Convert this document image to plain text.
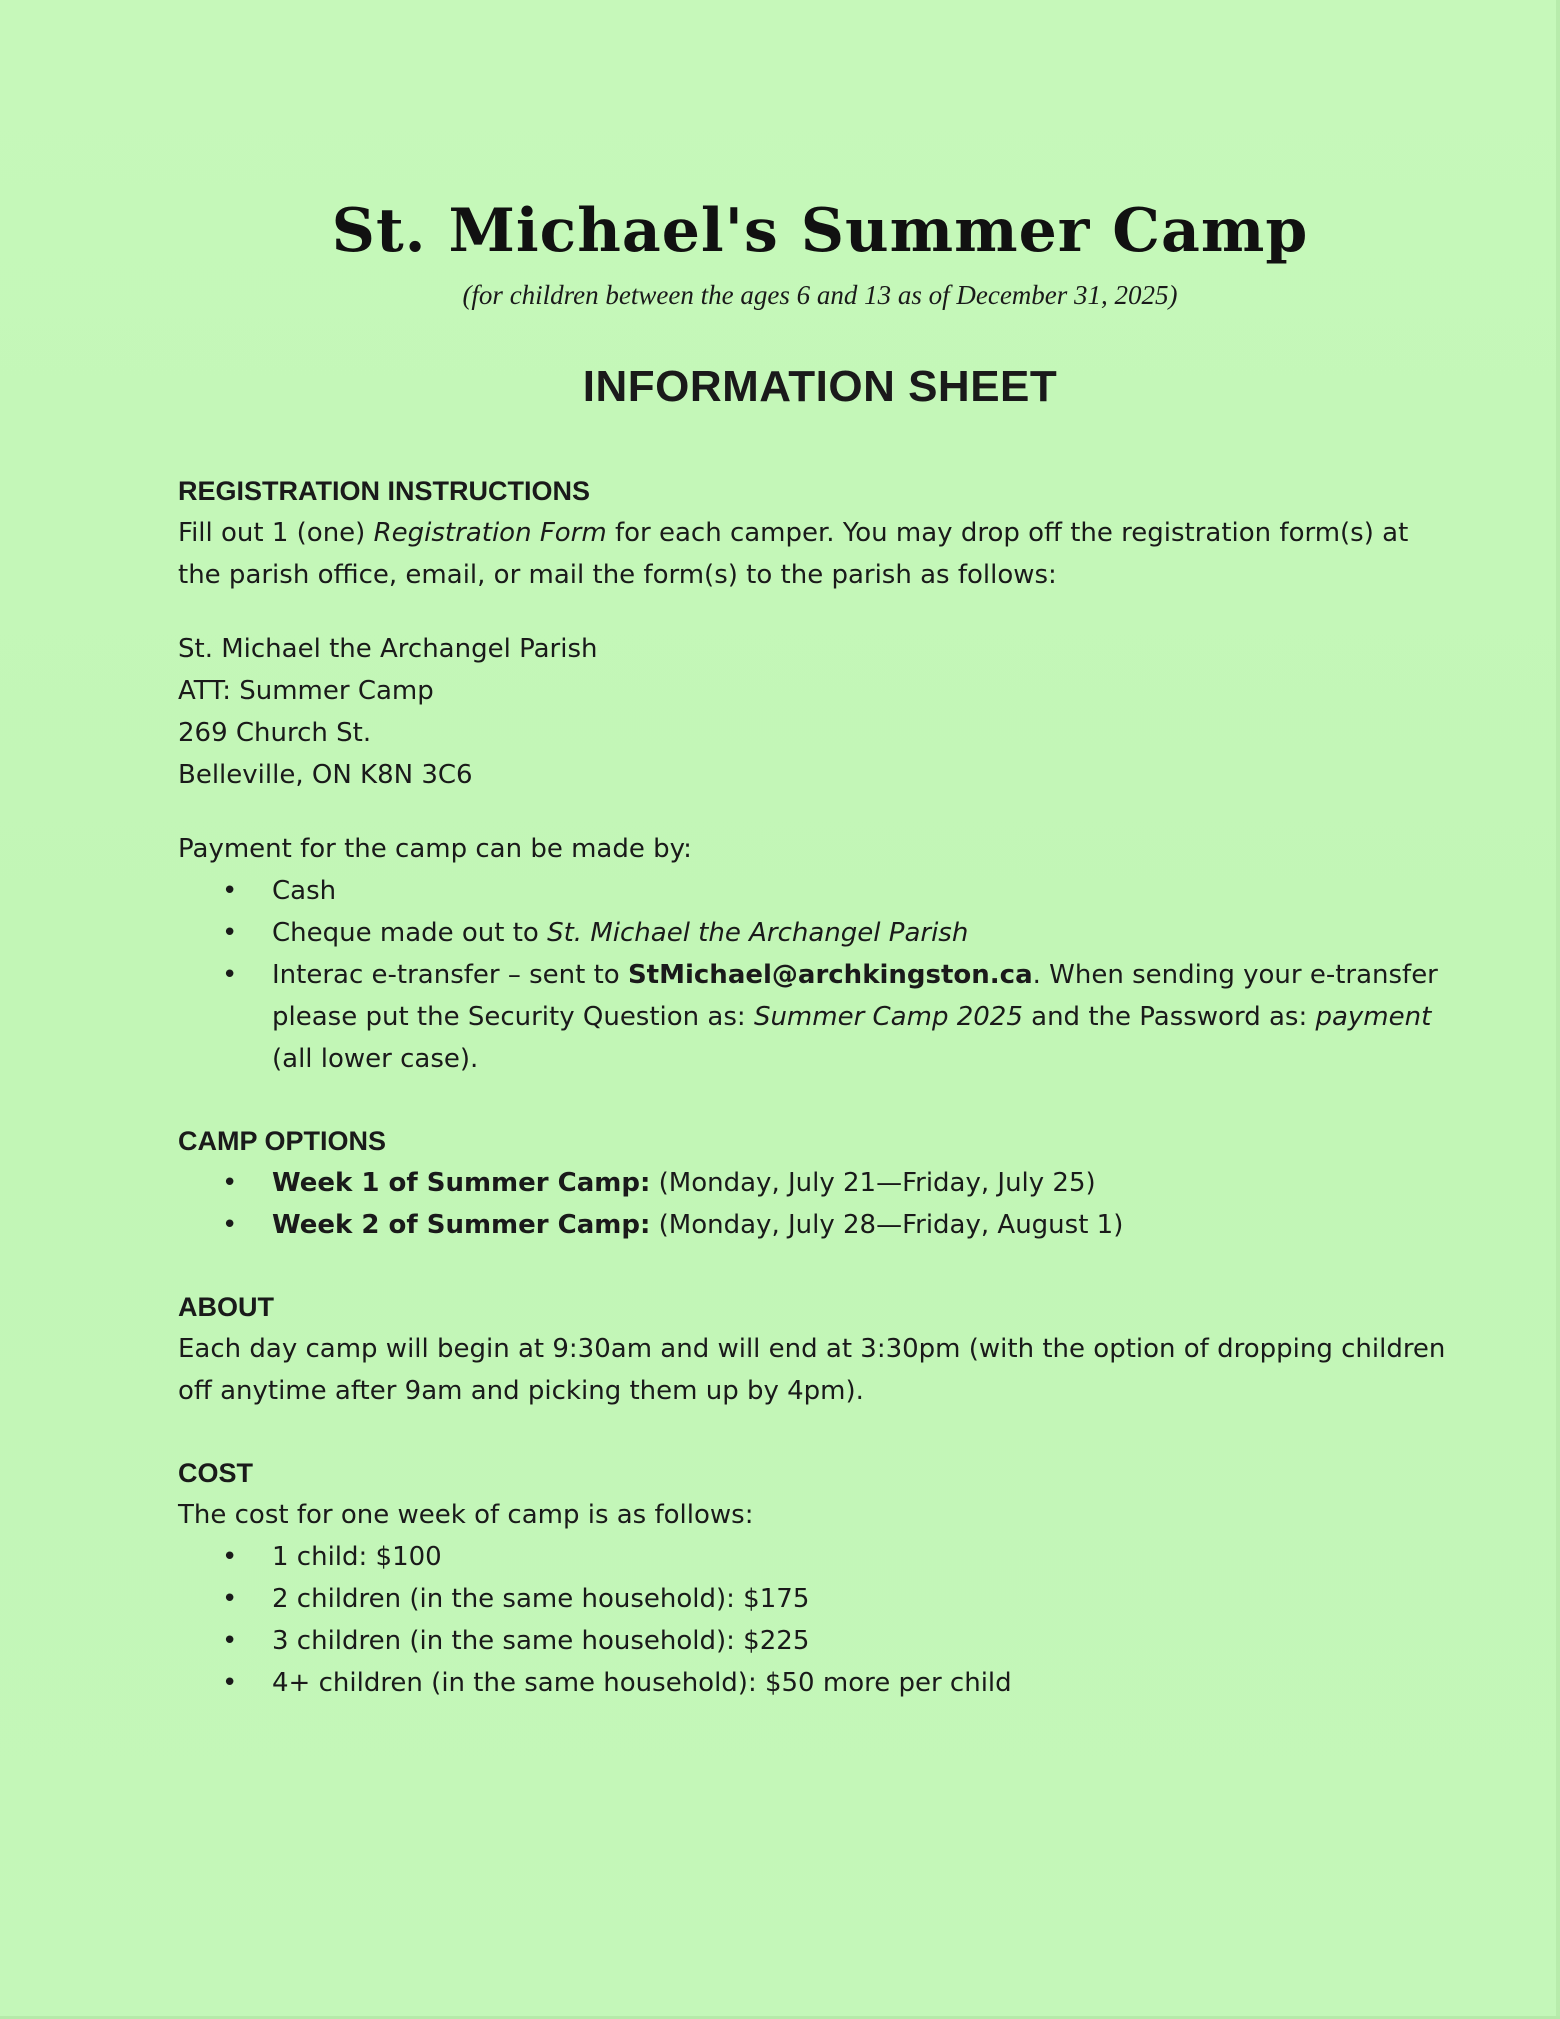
St. Michael's Summer Camp
(for children between the ages 6 and 13 as of December 31, 2025)
INFORMATION SHEET

REGISTRATION INSTRUCTIONS

Fill out 1 (one) Registration Form for each camper. You may drop off the registration form(s) at the parish office, email, or mail the form(s) to the parish as follows:

St. Michael the Archangel Parish

ATT: Summer Camp

269 Church St.

Belleville, ON K8N 3C6

Payment for the camp can be made by:

• Cash
• Cheque made out to St. Michael the Archangel Parish
• Interac e-transfer – sent to StMichael@archkingston.ca. When sending your e-transfer please put the Security Question as: Summer Camp 2025 and the Password as: payment (all lower case).

CAMP OPTIONS

• Week 1 of Summer Camp: (Monday, July 21—Friday, July 25)
• Week 2 of Summer Camp: (Monday, July 28—Friday, August 1)

ABOUT

Each day camp will begin at 9:30am and will end at 3:30pm (with the option of dropping children off anytime after 9am and picking them up by 4pm).

COST

The cost for one week of camp is as follows:

• 1 child: $100
• 2 children (in the same household): $175
• 3 children (in the same household): $225
• 4+ children (in the same household): $50 more per child
